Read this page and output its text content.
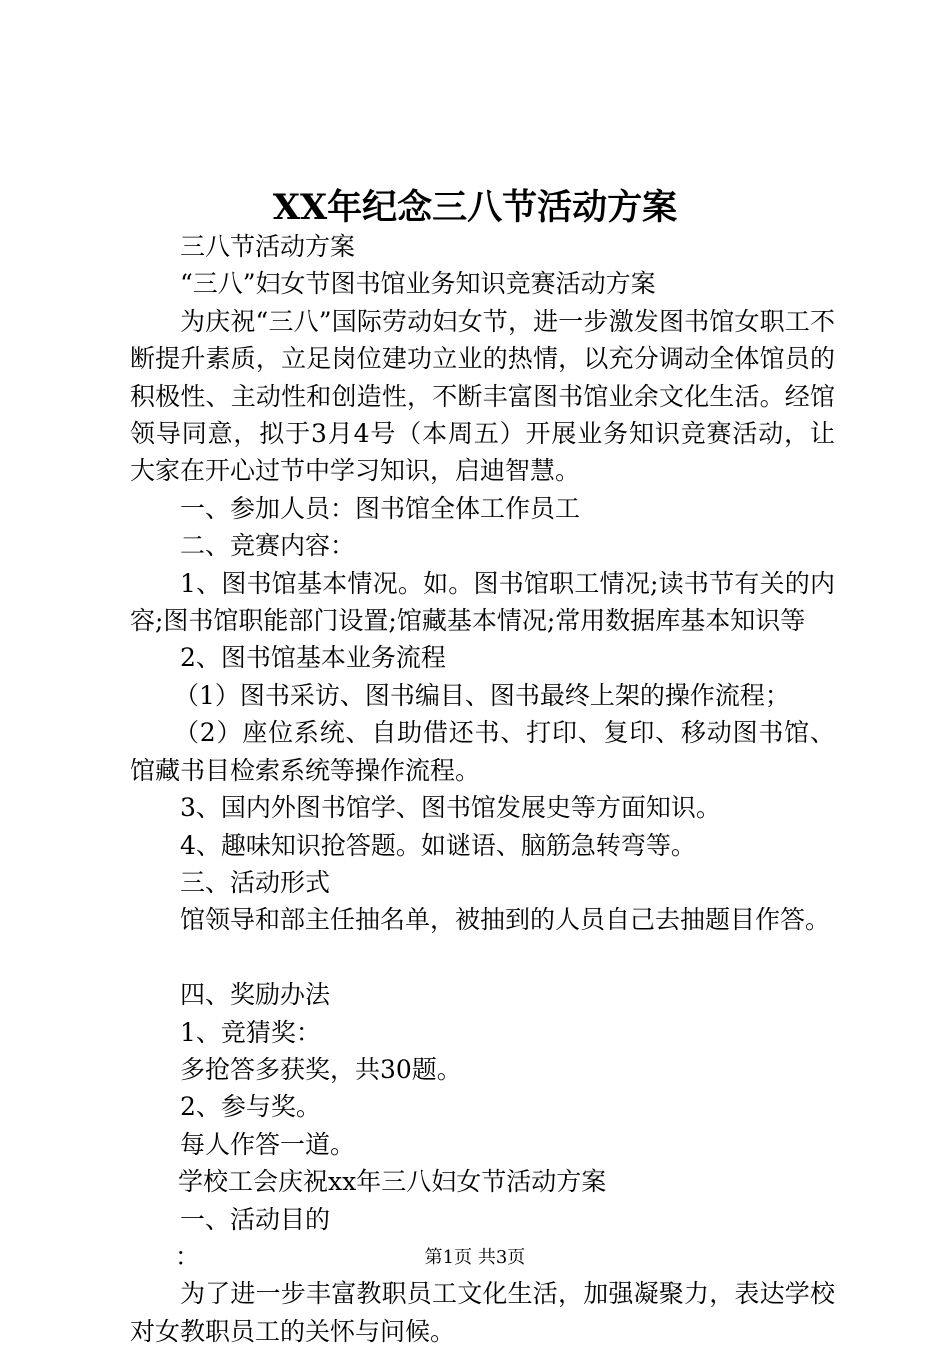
XX年纪念三八节活动方案

三八节活动方案

“三八”妇女节图书馆业务知识竞赛活动方案

为庆祝“三八”国际劳动妇女节，进一步激发图书馆女职工不断提升素质，立足岗位建功立业的热情，以充分调动全体馆员的积极性、主动性和创造性，不断丰富图书馆业余文化生活。经馆领导同意，拟于3月4号（本周五）开展业务知识竞赛活动，让大家在开心过节中学习知识，启迪智慧。

一、参加人员：图书馆全体工作员工

二、竞赛内容：

1、图书馆基本情况。如。图书馆职工情况;读书节有关的内容;图书馆职能部门设置;馆藏基本情况;常用数据库基本知识等

2、图书馆基本业务流程

（1）图书采访、图书编目、图书最终上架的操作流程；

（2）座位系统、自助借还书、打印、复印、移动图书馆、馆藏书目检索系统等操作流程。

3、国内外图书馆学、图书馆发展史等方面知识。

4、趣味知识抢答题。如谜语、脑筋急转弯等。

三、活动形式

馆领导和部主任抽名单，被抽到的人员自己去抽题目作答。

四、奖励办法

1、竞猜奖：

多抢答多获奖，共30题。

2、参与奖。

每人作答一道。

学校工会庆祝xx年三八妇女节活动方案

一、活动目的

：

为了进一步丰富教职员工文化生活，加强凝聚力，表达学校对女教职员工的关怀与问候。

第1页 共3页
